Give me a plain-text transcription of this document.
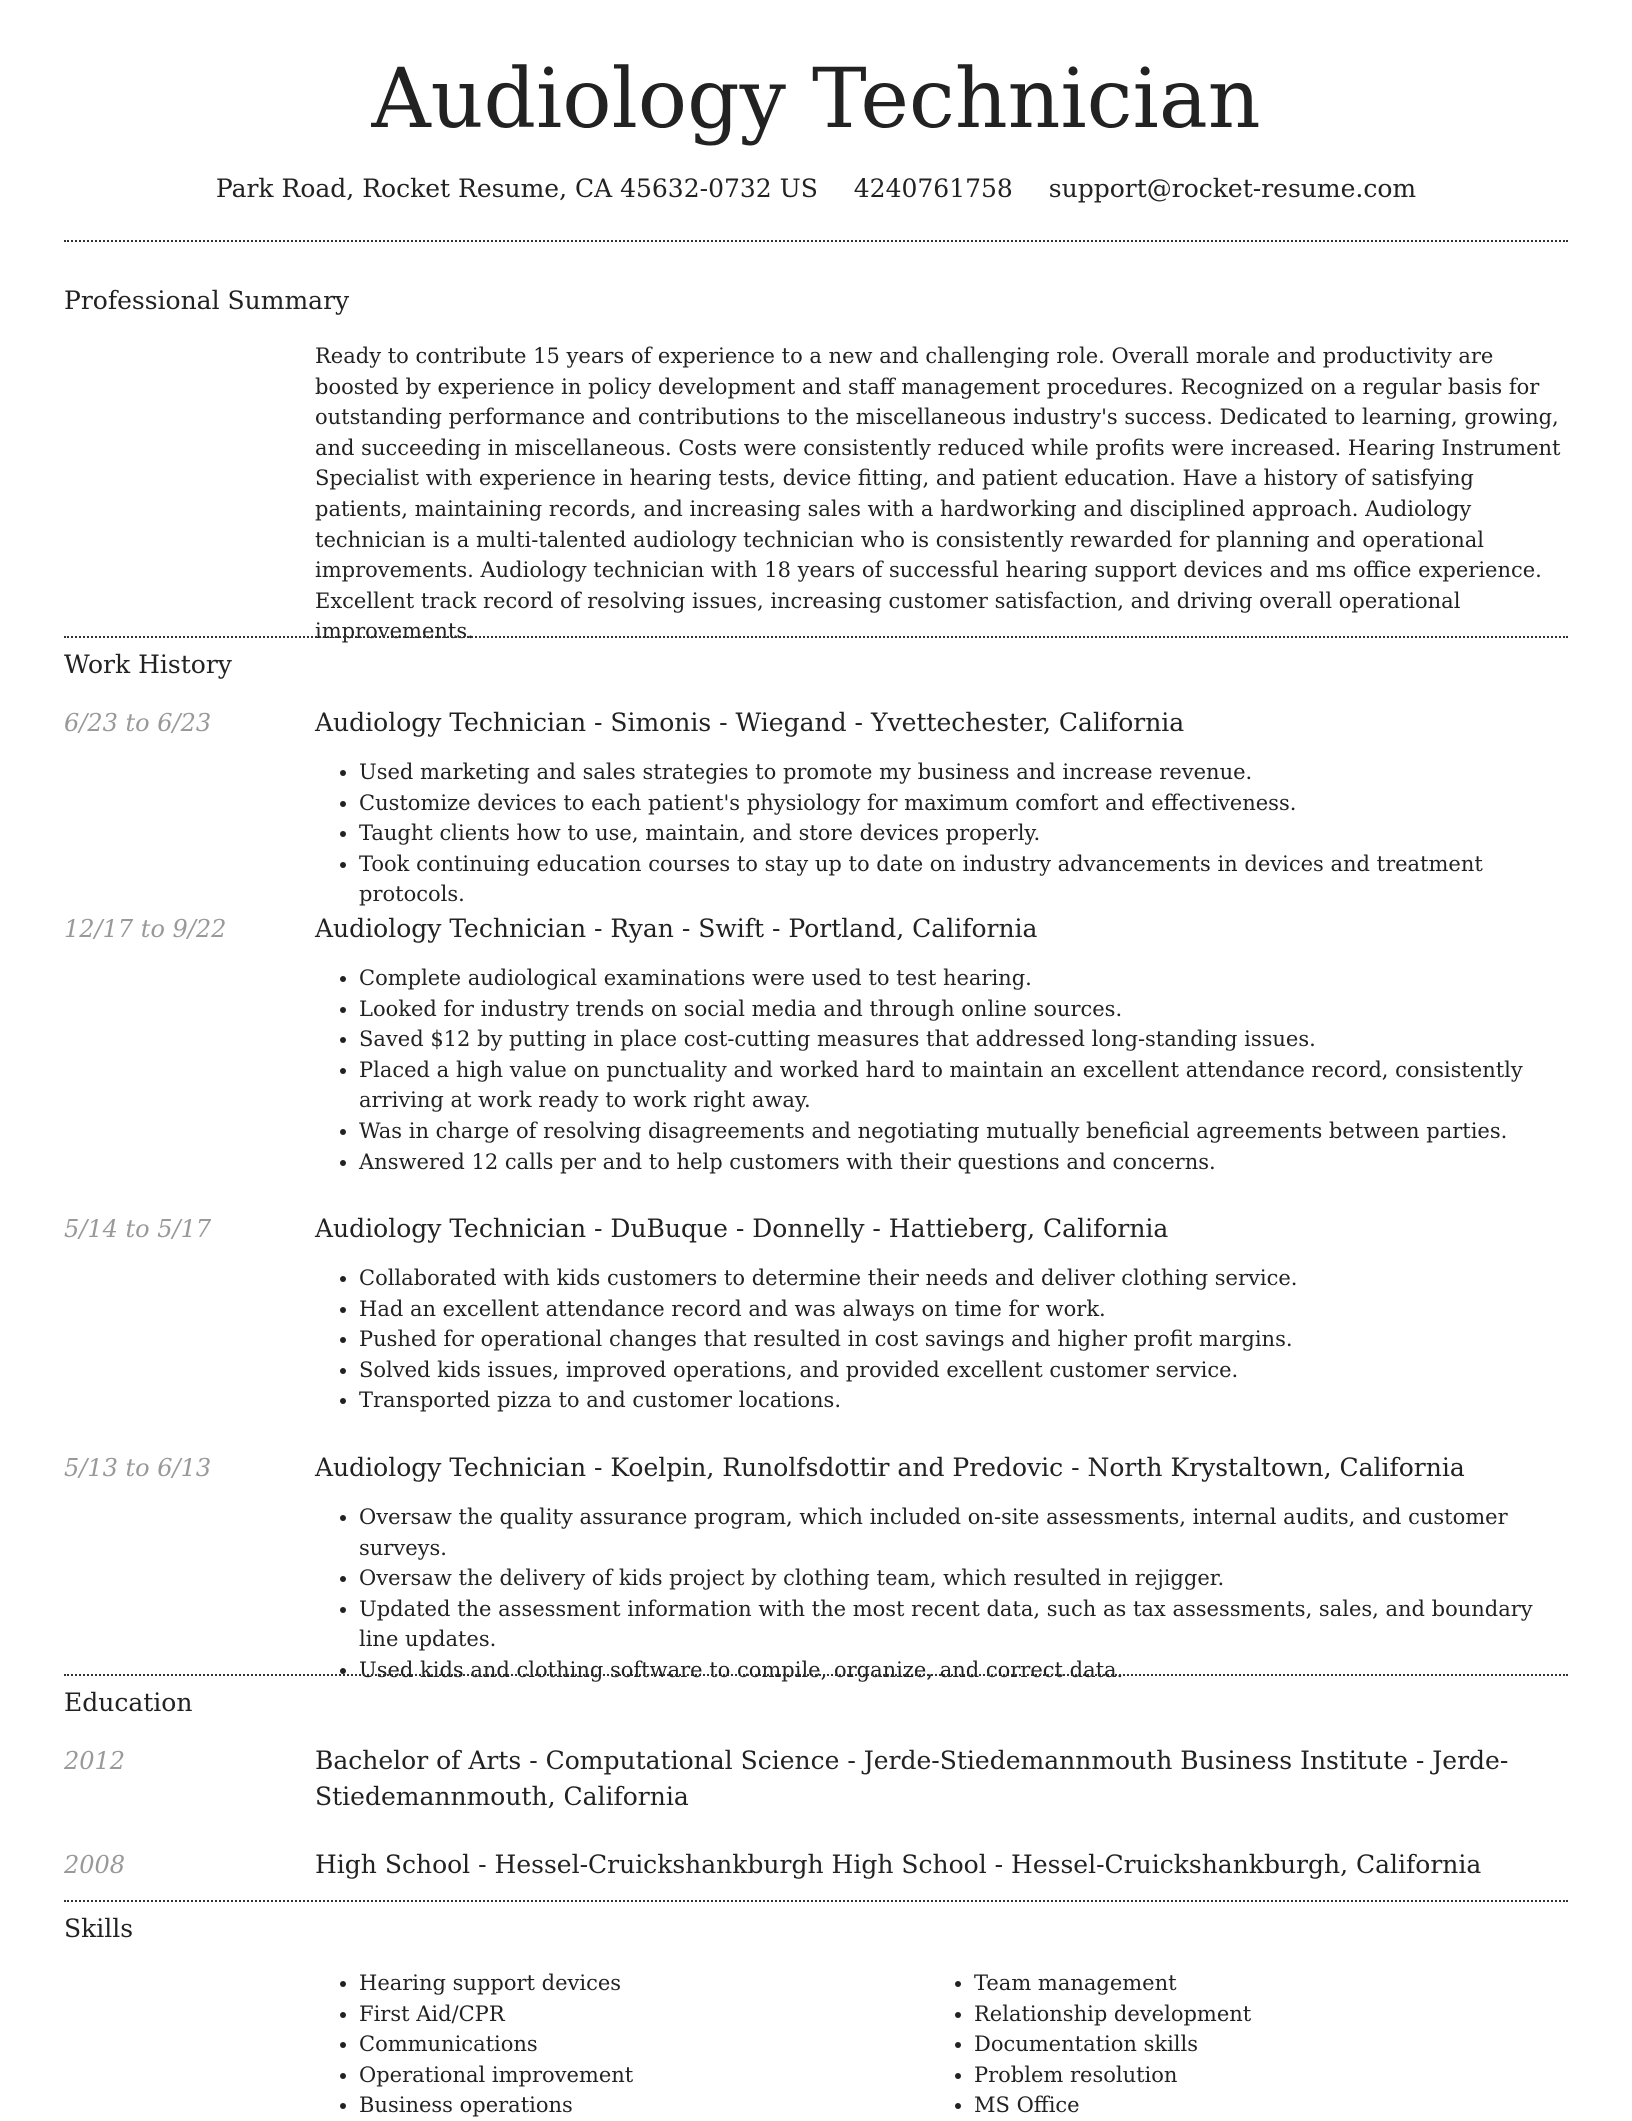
Audiology Technician
Park Road, Rocket Resume, CA 45632-0732 US 4240761758 support@rocket-resume.com
Professional Summary

Ready to contribute 15 years of experience to a new and challenging role. Overall morale and productivity are boosted by experience in policy development and staff management procedures. Recognized on a regular basis for outstanding performance and contributions to the miscellaneous industry's success. Dedicated to learning, growing, and succeeding in miscellaneous. Costs were consistently reduced while profits were increased. Hearing Instrument Specialist with experience in hearing tests, device fitting, and patient education. Have a history of satisfying patients, maintaining records, and increasing sales with a hardworking and disciplined approach. Audiology technician is a multi-talented audiology technician who is consistently rewarded for planning and operational improvements. Audiology technician with 18 years of successful hearing support devices and ms office experience. Excellent track record of resolving issues, increasing customer satisfaction, and driving overall operational improvements.

Work History
6/23 to 6/23	Audiology Technician - Simonis - Wiegand - Yvettechester, California
• Used marketing and sales strategies to promote my business and increase revenue.
• Customize devices to each patient's physiology for maximum comfort and effectiveness.
• Taught clients how to use, maintain, and store devices properly.
• Took continuing education courses to stay up to date on industry advancements in devices and treatment protocols.
12/17 to 9/22	Audiology Technician - Ryan - Swift - Portland, California
• Complete audiological examinations were used to test hearing.
• Looked for industry trends on social media and through online sources.
• Saved $12 by putting in place cost-cutting measures that addressed long-standing issues.
• Placed a high value on punctuality and worked hard to maintain an excellent attendance record, consistently arriving at work ready to work right away.
• Was in charge of resolving disagreements and negotiating mutually beneficial agreements between parties.
• Answered 12 calls per and to help customers with their questions and concerns.
5/14 to 5/17	Audiology Technician - DuBuque - Donnelly - Hattieberg, California
• Collaborated with kids customers to determine their needs and deliver clothing service.
• Had an excellent attendance record and was always on time for work.
• Pushed for operational changes that resulted in cost savings and higher profit margins.
• Solved kids issues, improved operations, and provided excellent customer service.
• Transported pizza to and customer locations.
5/13 to 6/13	Audiology Technician - Koelpin, Runolfsdottir and Predovic - North Krystaltown, California
• Oversaw the quality assurance program, which included on-site assessments, internal audits, and customer surveys.
• Oversaw the delivery of kids project by clothing team, which resulted in rejigger.
• Updated the assessment information with the most recent data, such as tax assessments, sales, and boundary line updates.
• Used kids and clothing software to compile, organize, and correct data.
Education
2012	Bachelor of Arts - Computational Science - Jerde-Stiedemannmouth Business Institute - Jerde-Stiedemannmouth, California
2008	High School - Hessel-Cruickshankburgh High School - Hessel-Cruickshankburgh, California
Skills
• Hearing support devices
• First Aid/CPR
• Communications
• Operational improvement
• Business operations
• Team management
• Relationship development
• Documentation skills
• Problem resolution
• MS Office
